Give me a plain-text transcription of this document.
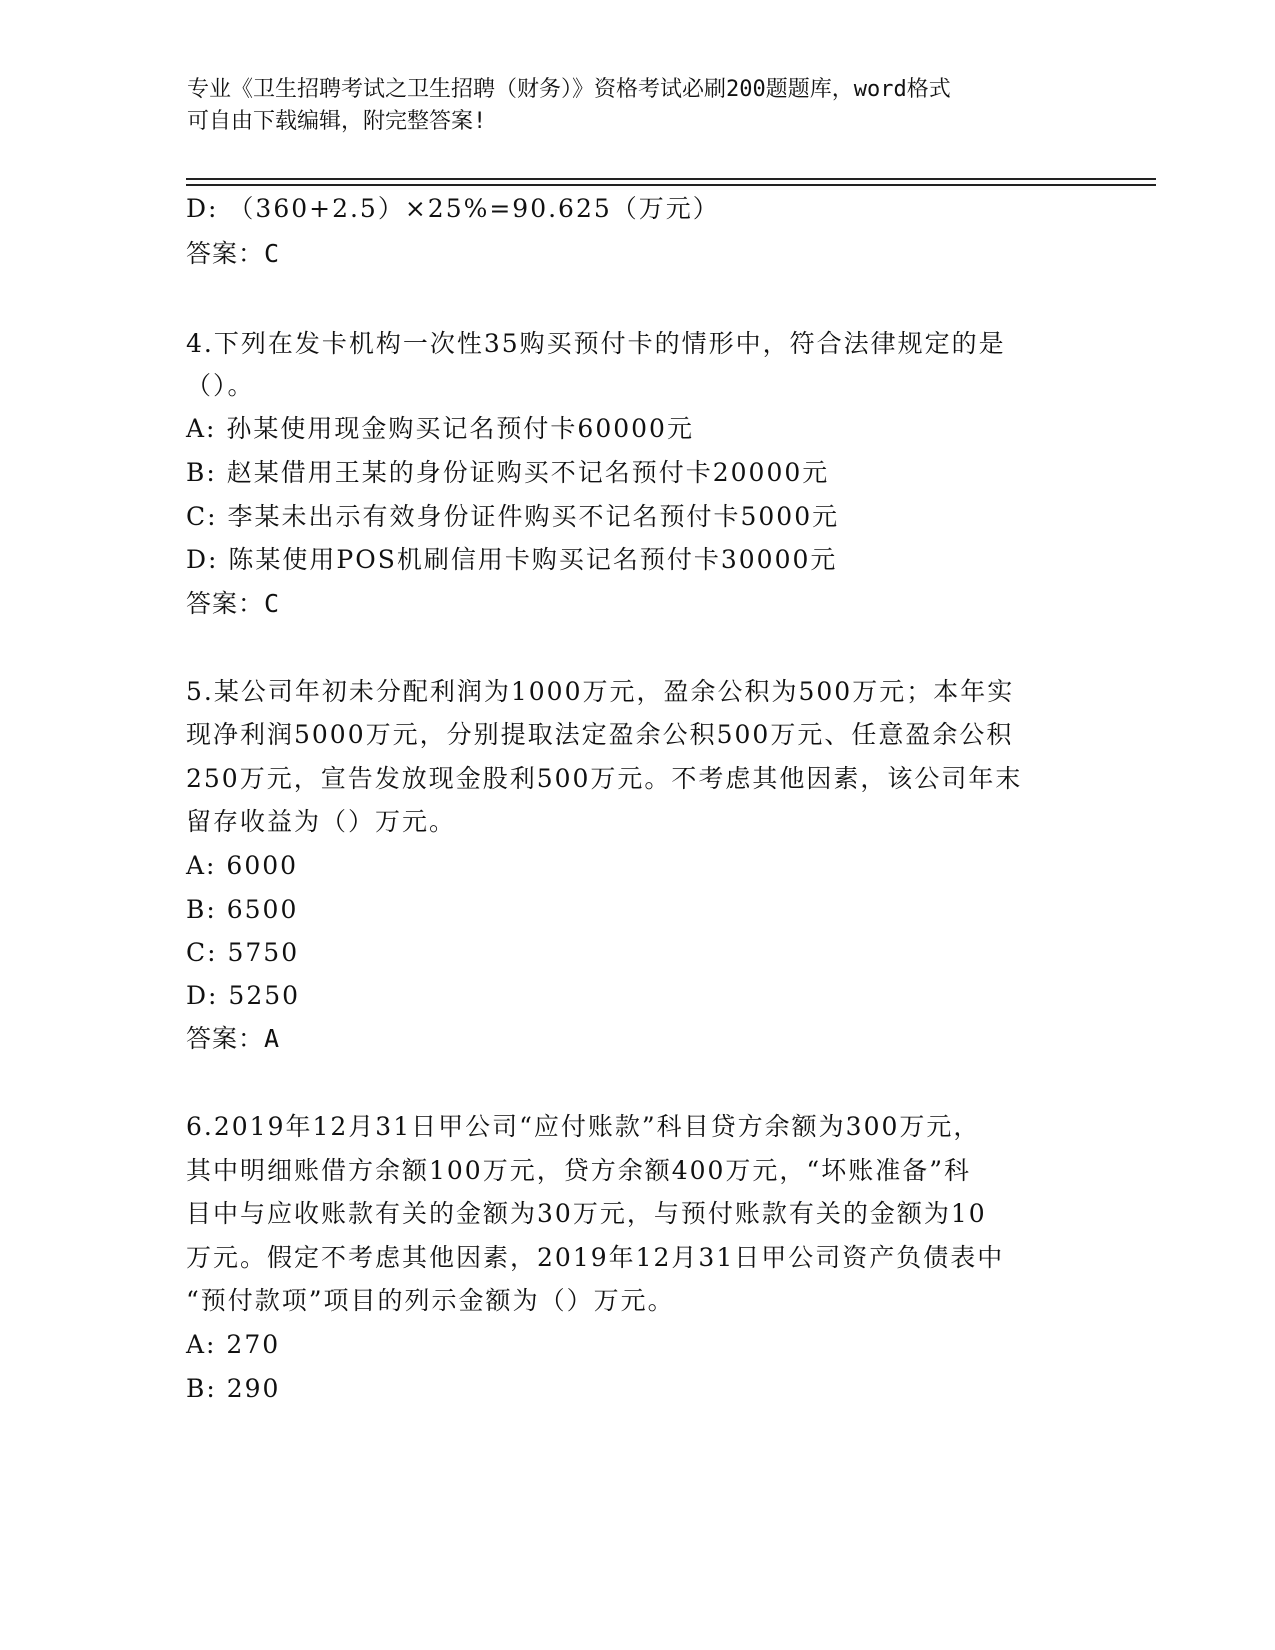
专业《卫生招聘考试之卫生招聘（财务）》资格考试必刷200题题库，word格式
可自由下载编辑，附完整答案!
D: （360+2.5）×25%=90.625（万元）
答案：C
4.下列在发卡机构一次性35购买预付卡的情形中，符合法律规定的是
（）。
A: 孙某使用现金购买记名预付卡60000元
B: 赵某借用王某的身份证购买不记名预付卡20000元
C: 李某未出示有效身份证件购买不记名预付卡5000元
D: 陈某使用POS机刷信用卡购买记名预付卡30000元
答案：C
5.某公司年初未分配利润为1000万元，盈余公积为500万元；本年实
现净利润5000万元，分别提取法定盈余公积500万元、任意盈余公积
250万元，宣告发放现金股利500万元。不考虑其他因素，该公司年末
留存收益为（）万元。
A: 6000
B: 6500
C: 5750
D: 5250
答案：A
6.2019年12月31日甲公司“应付账款”科目贷方余额为300万元，
其中明细账借方余额100万元，贷方余额400万元，“坏账准备”科
目中与应收账款有关的金额为30万元，与预付账款有关的金额为10
万元。假定不考虑其他因素，2019年12月31日甲公司资产负债表中
“预付款项”项目的列示金额为（）万元。
A: 270
B: 290
